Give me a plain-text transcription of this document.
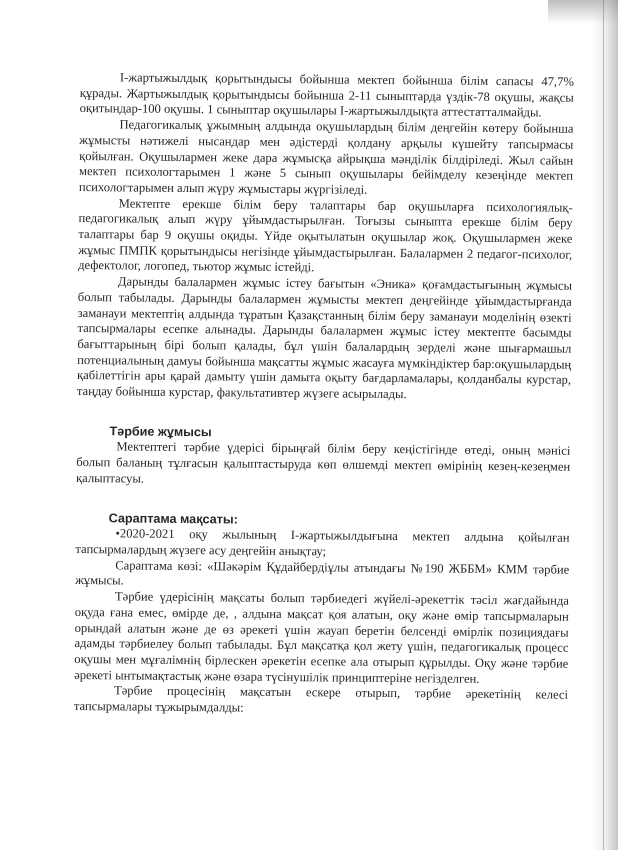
I-жартыжылдық қорытындысы бойынша мектеп бойынша білім сапасы 47,7% құрады. Жартыжылдық қорытындысы бойынша 2-11 сыныптарда үздік-78 оқушы, жақсы оқитындар-100 оқушы. 1 сыныптар оқушылары I-жартыжылдықта аттестатталмайды.

Педагогикалық ұжымның алдында оқушылардың білім деңгейін көтеру бойынша жұмысты нәтижелі нысандар мен әдістерді қолдану арқылы күшейту тапсырмасы қойылған. Оқушылармен жеке дара жұмысқа айрықша мәнділік білдіріледі. Жыл сайын мектеп психологтарымен 1 және 5 сынып оқушылары бейімделу кезеңінде мектеп психологтарымен алып жүру жұмыстары жүргізіледі.

Мектепте ерекше білім беру талаптары бар оқушыларға психологиялық-педагогикалық алып жүру ұйымдастырылған. Тоғызы сыныпта ерекше білім беру талаптары бар 9 оқушы оқиды. Үйде оқытылатын оқушылар жоқ. Оқушылармен жеке жұмыс ПМПК қорытындысы негізінде ұйымдастырылған. Балалармен 2 педагог-психолог, дефектолог, логопед, тьютор жұмыс істейді.

Дарынды балалармен жұмыс істеу бағытын «Эника» қоғамдастығының жұмысы болып табылады. Дарынды балалармен жұмысты мектеп деңгейінде ұйымдастырғанда заманауи мектептің алдында тұратын Қазақстанның білім беру заманауи моделінің өзекті тапсырмалары есепке алынады. Дарынды балалармен жұмыс істеу мектепте басымды бағыттарының бірі болып қалады, бұл үшін балалардың зерделі және шығармашыл потенциалының дамуы бойынша мақсатты жұмыс жасауға мүмкіндіктер бар:оқушылардың қабілеттігін ары қарай дамыту үшін дамыта оқыту бағдарламалары, қолданбалы курстар, таңдау бойынша курстар, факультативтер жүзеге асырылады.

Тәрбие жұмысы

Мектептегі тәрбие үдерісі бірыңғай білім беру кеңістігінде өтеді, оның мәнісі болып баланың тұлғасын қалыптастыруда көп өлшемді мектеп өмірінің кезең-кезеңмен қалыптасуы.

Сараптама мақсаты:

•2020-2021 оқу жылының I-жартыжылдығына мектеп алдына қойылған тапсырмалардың жүзеге асу деңгейін анықтау;

Сараптама көзі: «Шәкәрім Құдайбердіұлы атындағы №190 ЖББМ» КММ тәрбие жұмысы.

Тәрбие үдерісінің мақсаты болып тәрбиедегі жүйелі-әрекеттік тәсіл жағдайында оқуда ғана емес, өмірде де, , алдына мақсат қоя алатын, оқу және өмір тапсырмаларын орындай алатын және де өз әрекеті үшін жауап беретін белсенді өмірлік позициядағы адамды тәрбиелеу болып табылады. Бұл мақсатқа қол жету үшін, педагогикалық процесс оқушы мен мұғалімнің бірлескен әрекетін есепке ала отырып құрылды. Оқу және тәрбие әрекеті ынтымақтастық және өзара түсінушілік принциптеріне негізделген.

Тәрбие процесінің мақсатын ескере отырып, тәрбие әрекетінің келесі тапсырмалары тұжырымдалды:
